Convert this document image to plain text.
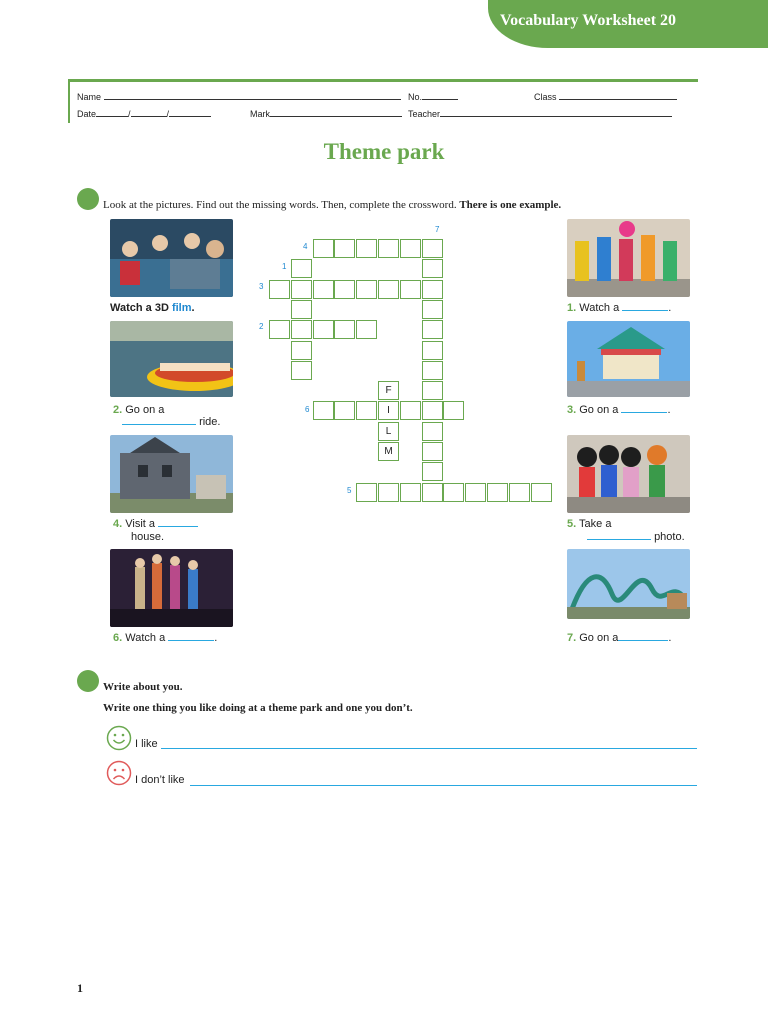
Vocabulary Worksheet 20
Name	No.	Class
Date	/	/	Mark	Teacher
Theme park
Look at the pictures. Find out the missing words. Then, complete the crossword. There is one example.
Watch a 3D film.
2. Go on a
ride.
4. Visit a
house.
6. Watch a	.
1. Watch a	.
3. Go on a	.
5. Take a
photo.
7. Go on a	.
F
I
L
M
7
4
1
3
2
6
5
Write about you.
Write one thing you like doing at a theme park and one you don’t.
I like
I don’t like
1
